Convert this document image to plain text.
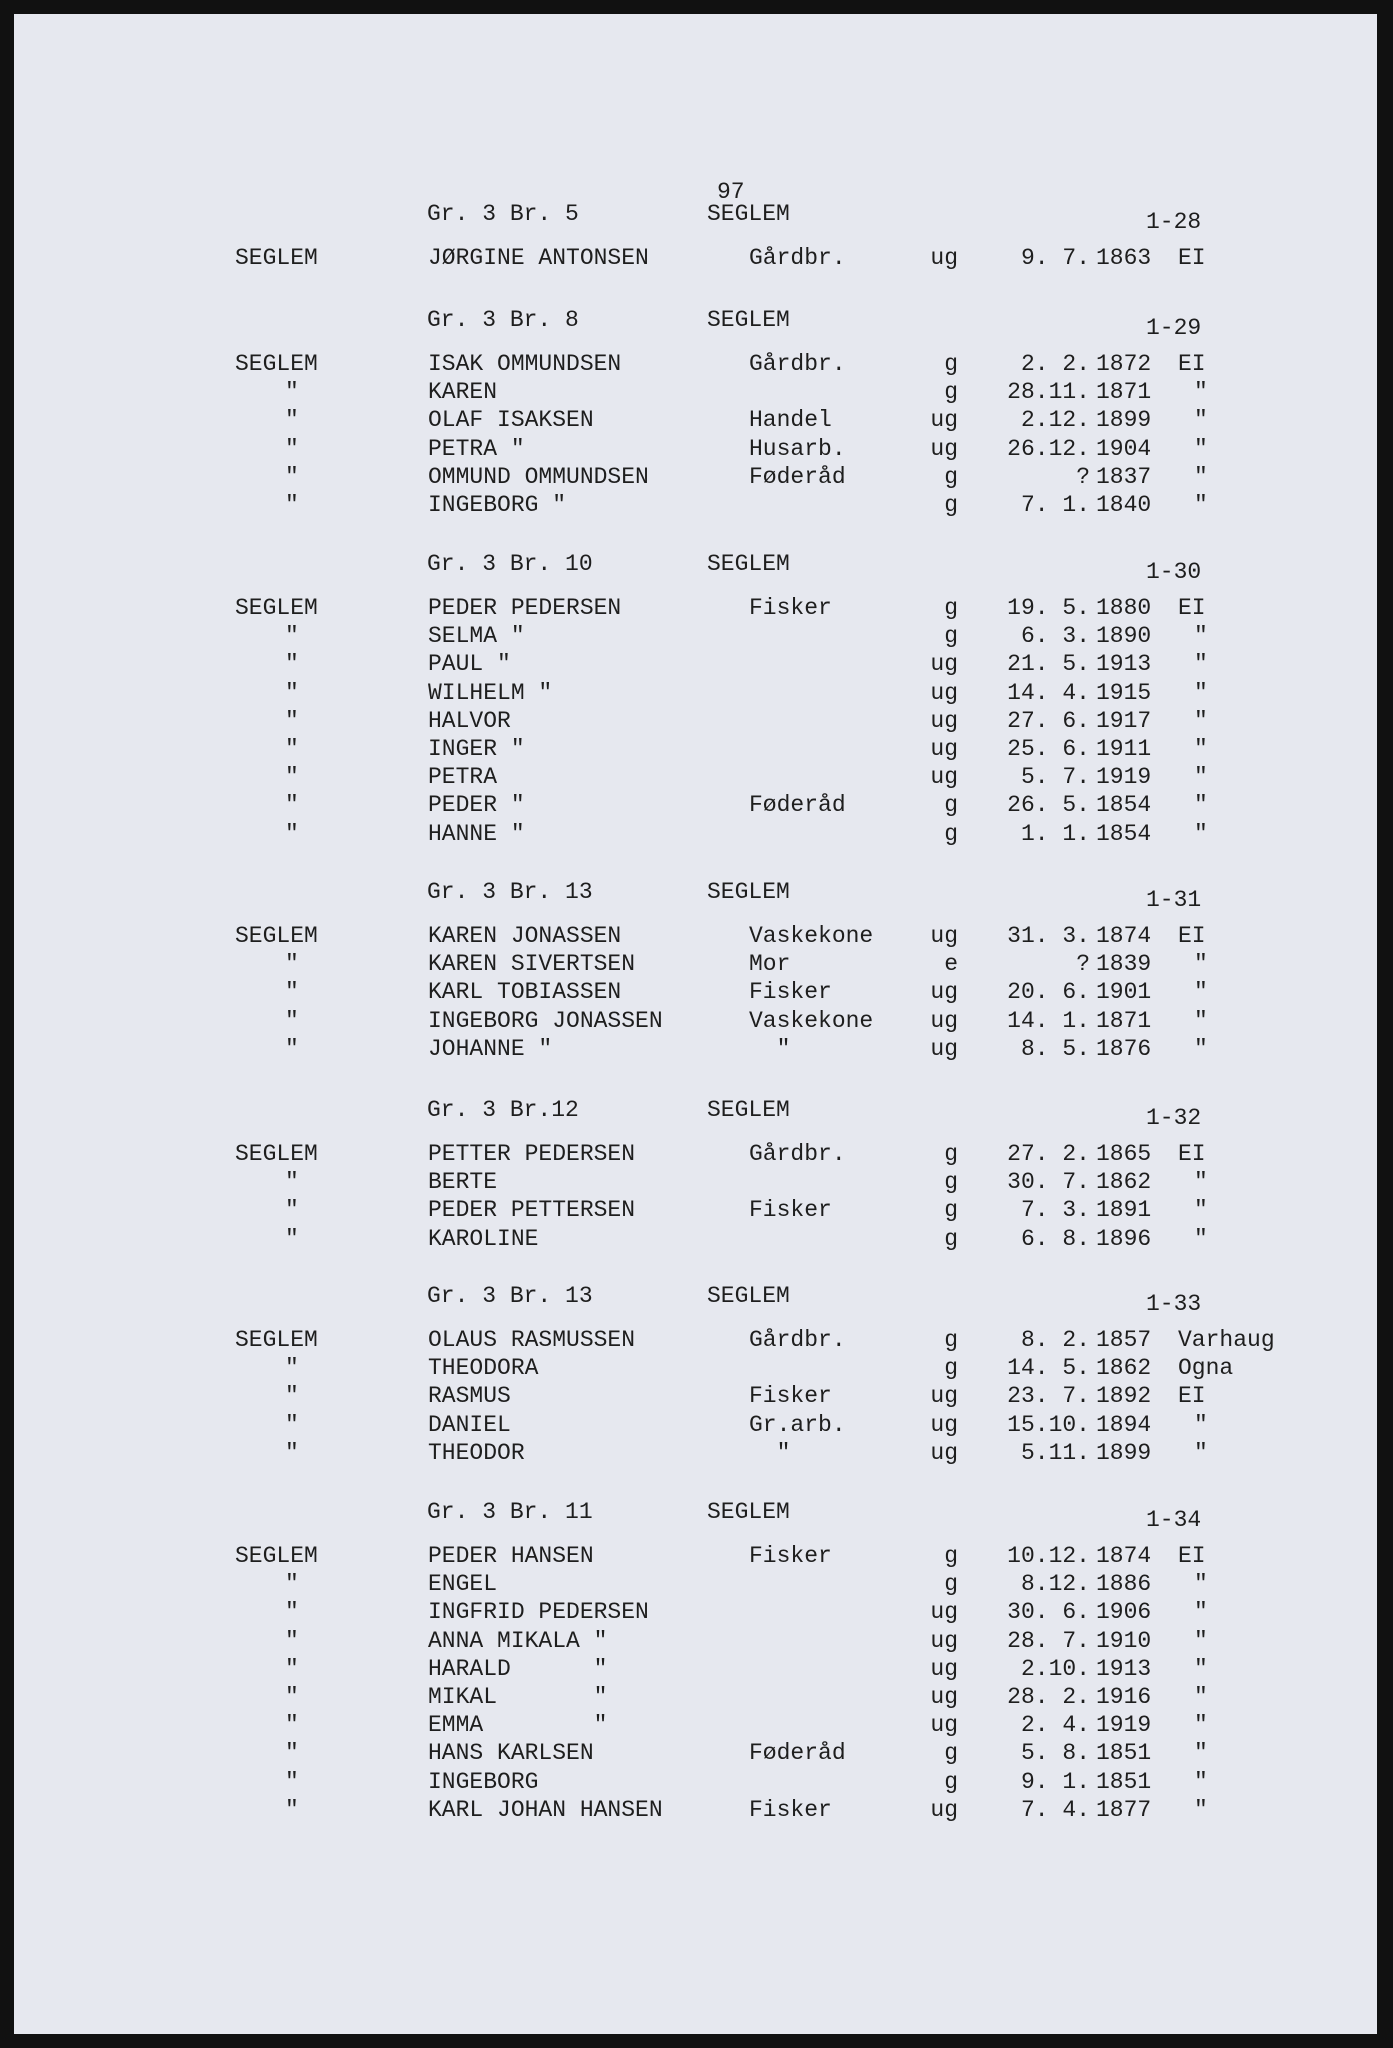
97
Gr. 3 Br. 5	SEGLEM	1-28
SEGLEM	JØRGINE ANTONSEN	Gårdbr.	ug	9. 7. 1863 EI
Gr. 3 Br. 8	SEGLEM	1-29
SEGLEM	ISAK OMMUNDSEN	Gårdbr.	g	2. 2. 1872 EI
"	KAREN	g	28.11. 1871 "
"	OLAF ISAKSEN	Handel	ug	2.12. 1899 "
"	PETRA "	Husarb.	ug	26.12. 1904 "
"	OMMUND OMMUNDSEN	Føderåd	g	? 1837 "
"	INGEBORG "	g	7. 1. 1840 "
Gr. 3 Br. 10	SEGLEM	1-30
SEGLEM	PEDER PEDERSEN	Fisker	g	19. 5. 1880 EI
"	SELMA "	g	6. 3. 1890 "
"	PAUL "	ug	21. 5. 1913 "
"	WILHELM "	ug	14. 4. 1915 "
"	HALVOR	ug	27. 6. 1917 "
"	INGER "	ug	25. 6. 1911 "
"	PETRA	ug	5. 7. 1919 "
"	PEDER "	Føderåd	g	26. 5. 1854 "
"	HANNE "	g	1. 1. 1854 "
Gr. 3 Br. 13	SEGLEM	1-31
SEGLEM	KAREN JONASSEN	Vaskekone	ug	31. 3. 1874 EI
"	KAREN SIVERTSEN	Mor	e	? 1839 "
"	KARL TOBIASSEN	Fisker	ug	20. 6. 1901 "
"	INGEBORG JONASSEN	Vaskekone	ug	14. 1. 1871 "
"	JOHANNE "	"	ug	8. 5. 1876 "
Gr. 3 Br.12	SEGLEM	1-32
SEGLEM	PETTER PEDERSEN	Gårdbr.	g	27. 2. 1865 EI
"	BERTE	g	30. 7. 1862 "
"	PEDER PETTERSEN	Fisker	g	7. 3. 1891 "
"	KAROLINE	g	6. 8. 1896 "
Gr. 3 Br. 13	SEGLEM	1-33
SEGLEM	OLAUS RASMUSSEN	Gårdbr.	g	8. 2. 1857 Varhaug
"	THEODORA	g	14. 5. 1862 Ogna
"	RASMUS	Fisker	ug	23. 7. 1892 EI
"	DANIEL	Gr.arb.	ug	15.10. 1894 "
"	THEODOR	"	ug	5.11. 1899 "
Gr. 3 Br. 11	SEGLEM	1-34
SEGLEM	PEDER HANSEN	Fisker	g	10.12. 1874 EI
"	ENGEL	g	8.12. 1886 "
"	INGFRID PEDERSEN	ug	30. 6. 1906 "
"	ANNA MIKALA "	ug	28. 7. 1910 "
"	HARALD      "	ug	2.10. 1913 "
"	MIKAL       "	ug	28. 2. 1916 "
"	EMMA        "	ug	2. 4. 1919 "
"	HANS KARLSEN	Føderåd	g	5. 8. 1851 "
"	INGEBORG	g	9. 1. 1851 "
"	KARL JOHAN HANSEN	Fisker	ug	7. 4. 1877 "
